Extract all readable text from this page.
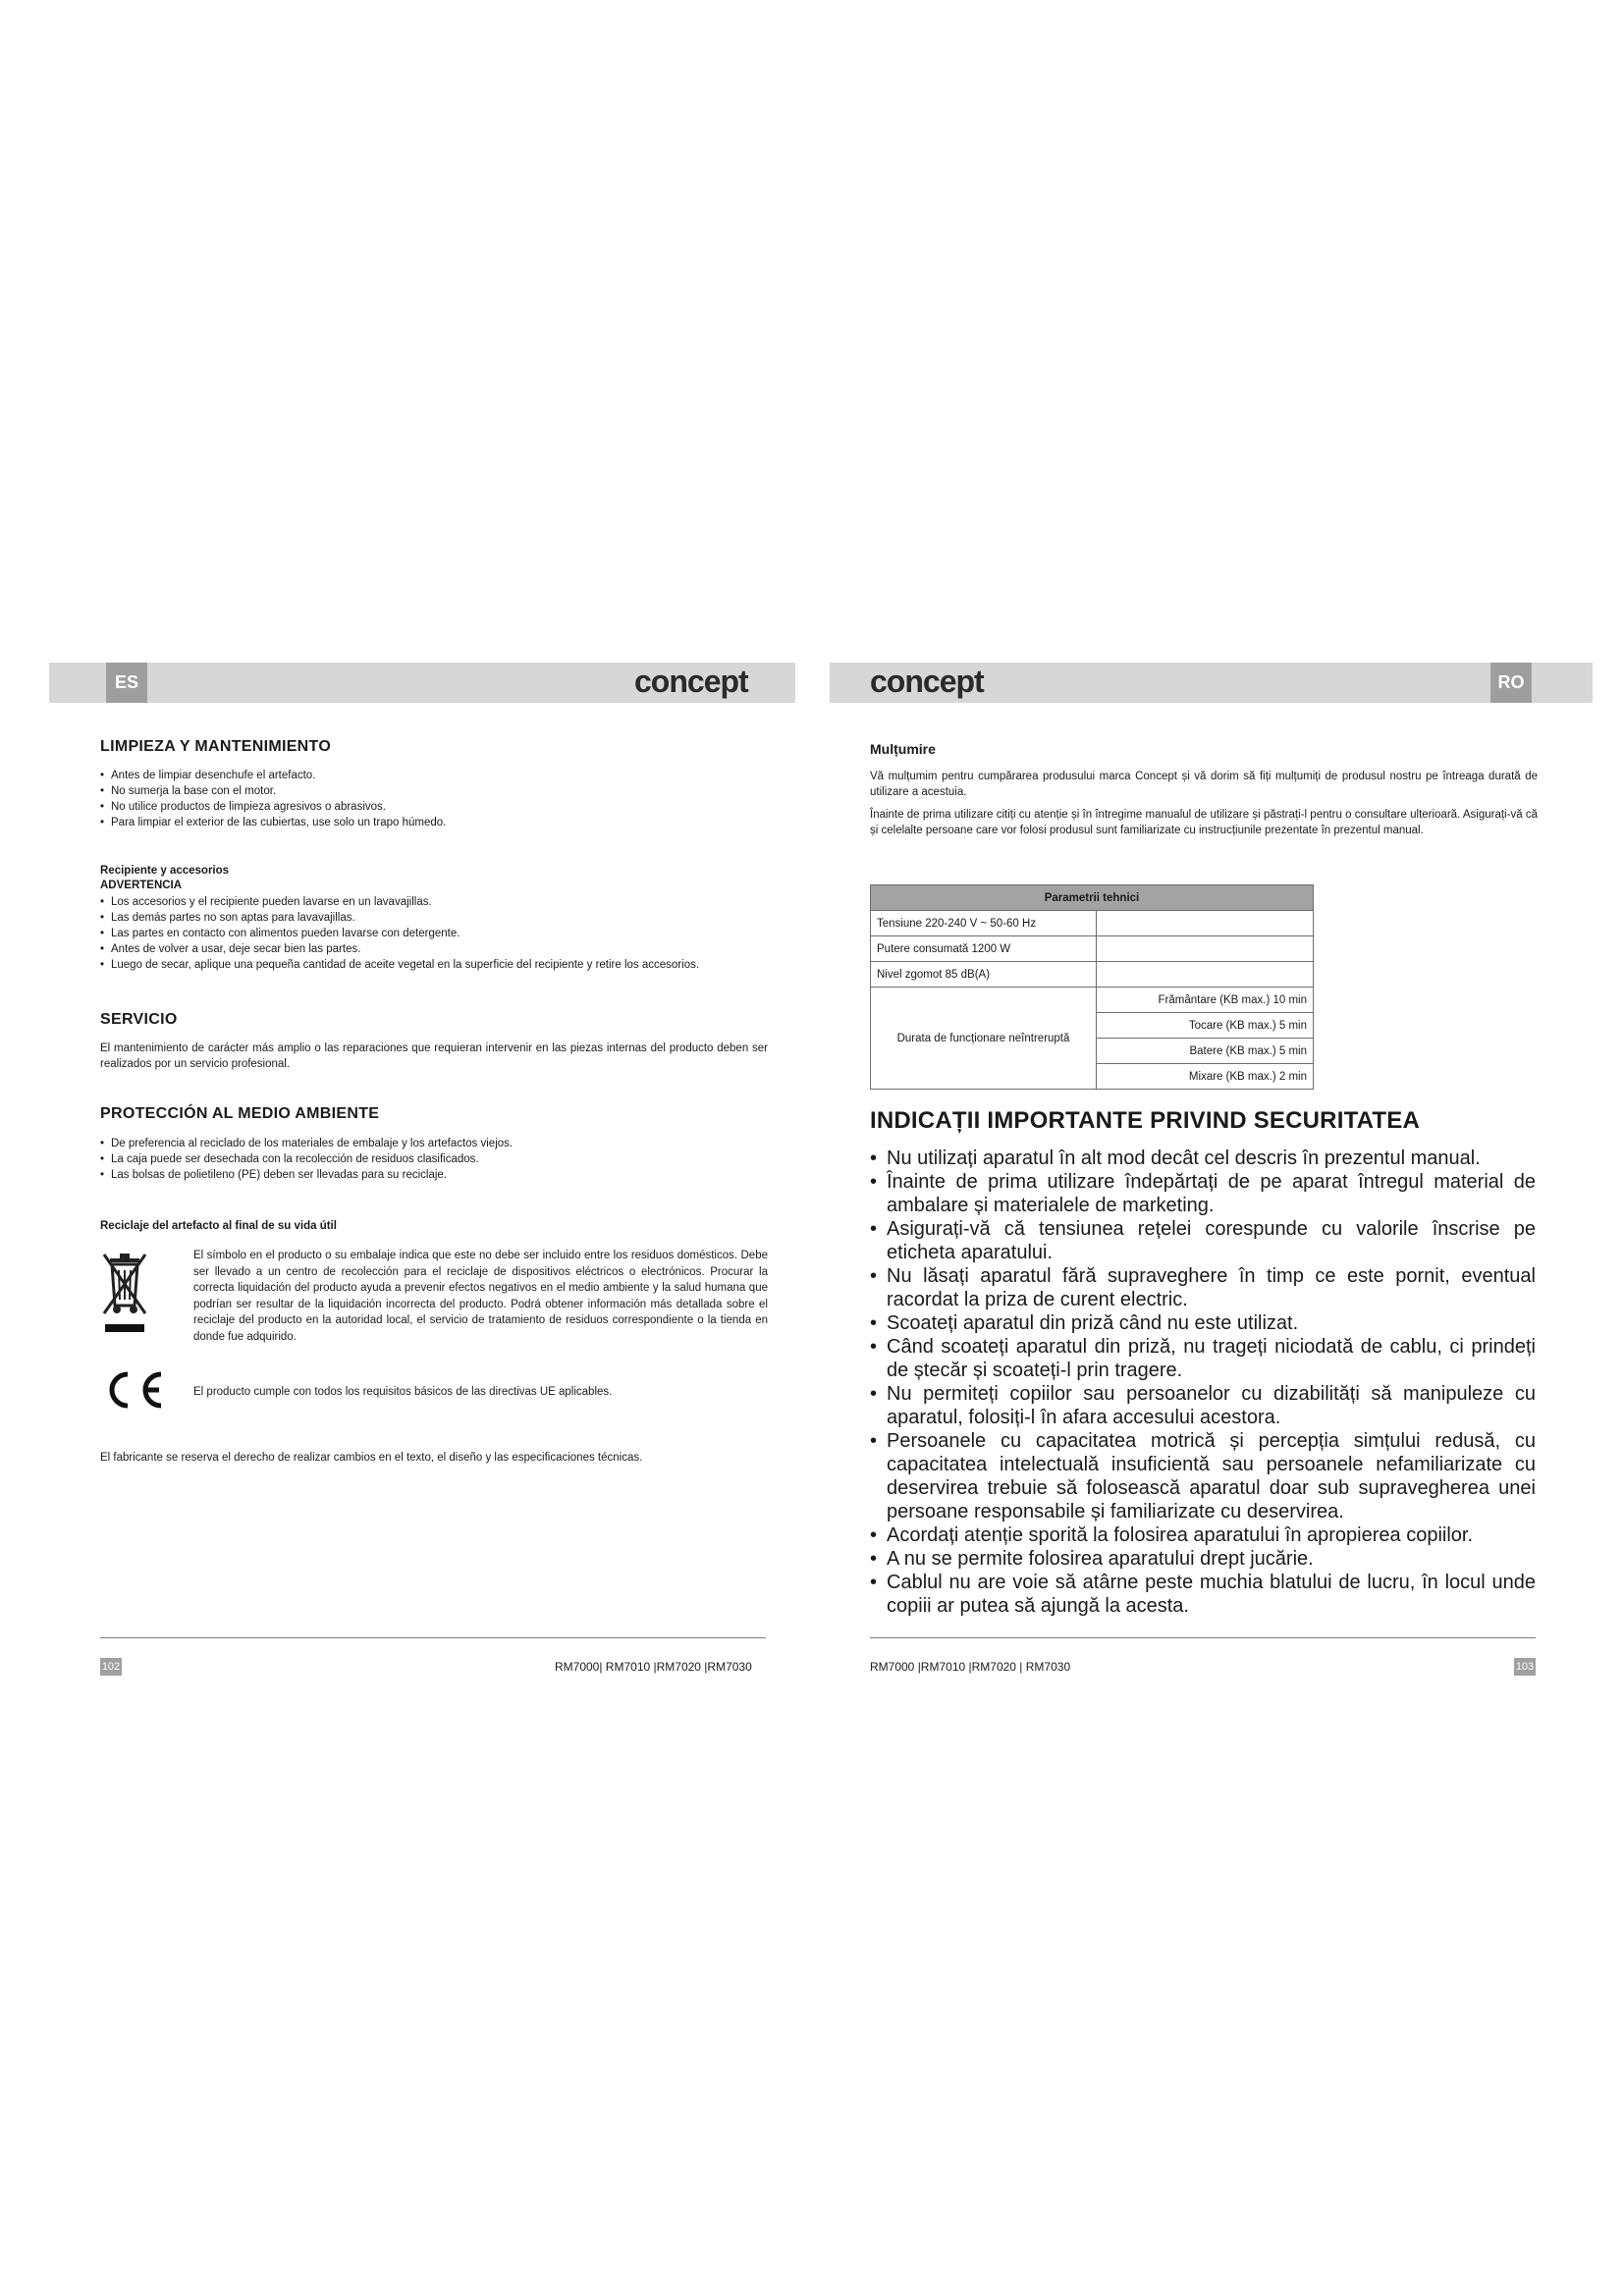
ES	RO
concept	concept
LIMPIEZA Y MANTENIMIENTO
• Antes de limpiar desenchufe el artefacto.
• No sumerja la base con el motor.
• No utilice productos de limpieza agresivos o abrasivos.
• Para limpiar el exterior de las cubiertas, use solo un trapo húmedo.
Recipiente y accesorios
ADVERTENCIA
• Los accesorios y el recipiente pueden lavarse en un lavavajillas.
• Las demás partes no son aptas para lavavajillas.
• Las partes en contacto con alimentos pueden lavarse con detergente.
• Antes de volver a usar, deje secar bien las partes.
• Luego de secar, aplique una pequeña cantidad de aceite vegetal en la superficie del recipiente y retire los accesorios.
SERVICIO

El mantenimiento de carácter más amplio o las reparaciones que requieran intervenir en las piezas internas del producto deben ser realizados por un servicio profesional.

PROTECCIÓN AL MEDIO AMBIENTE
• De preferencia al reciclado de los materiales de embalaje y los artefactos viejos.
• La caja puede ser desechada con la recolección de residuos clasificados.
• Las bolsas de polietileno (PE) deben ser llevadas para su reciclaje.
Reciclaje del artefacto al final de su vida útil

El símbolo en el producto o su embalaje indica que este no debe ser incluido entre los residuos domésticos. Debe ser llevado a un centro de recolección para el reciclaje de dispositivos eléctricos o electrónicos. Procurar la correcta liquidación del producto ayuda a prevenir efectos negativos en el medio ambiente y la salud humana que podrían ser resultar de la liquidación incorrecta del producto. Podrá obtener información más detallada sobre el reciclaje del producto en la autoridad local, el servicio de tratamiento de residuos correspondiente o la tienda en donde fue adquirido.

El producto cumple con todos los requisitos básicos de las directivas UE aplicables.

El fabricante se reserva el derecho de realizar cambios en el texto, el diseño y las especificaciones técnicas.

102	RM7000| RM7010 |RM7020 |RM7030
Mulțumire

Vă mulțumim pentru cumpărarea produsului marca Concept și vă dorim să fiți mulțumiți de produsul nostru pe întreaga durată de utilizare a acestuia.

Înainte de prima utilizare citiți cu atenție și în întregime manualul de utilizare și păstrați-l pentru o consultare ulterioară. Asigurați-vă că și celelalte persoane care vor folosi produsul sunt familiarizate cu instrucțiunile prezentate în prezentul manual.

Parametrii tehnici	
Tensiune 220-240 V ~ 50-60 Hz	
Putere consumată 1200 W	
Nivel zgomot 85 dB(A)	
Durata de funcționare neîntreruptă	Frământare (KB max.) 10 min
	Tocare (KB max.) 5 min
	Batere (KB max.) 5 min
	Mixare (KB max.) 2 min
INDICAȚII IMPORTANTE PRIVIND SECURITATEA
• Nu utilizați aparatul în alt mod decât cel descris în prezentul manual.
• Înainte de prima utilizare îndepărtați de pe aparat întregul material de ambalare și materialele de marketing.
• Asigurați-vă că tensiunea rețelei corespunde cu valorile înscrise pe eticheta aparatului.
• Nu lăsați aparatul fără supraveghere în timp ce este pornit, eventual racordat la priza de curent electric.
• Scoateți aparatul din priză când nu este utilizat.
• Când scoateți aparatul din priză, nu trageți niciodată de cablu, ci prindeți de ștecăr și scoateți-l prin tragere.
• Nu permiteți copiilor sau persoanelor cu dizabilități să manipuleze cu aparatul, folosiți-l în afara accesului acestora.
• Persoanele cu capacitatea motrică și percepția simțului redusă, cu capacitatea intelectuală insuficientă sau persoanele nefamiliarizate cu deservirea trebuie să folosească aparatul doar sub supravegherea unei persoane responsabile și familiarizate cu deservirea.
• Acordați atenție sporită la folosirea aparatului în apropierea copiilor.
• A nu se permite folosirea aparatului drept jucărie.
• Cablul nu are voie să atârne peste muchia blatului de lucru, în locul unde copiii ar putea să ajungă la acesta.
RM7000 |RM7010 |RM7020 | RM7030	103
